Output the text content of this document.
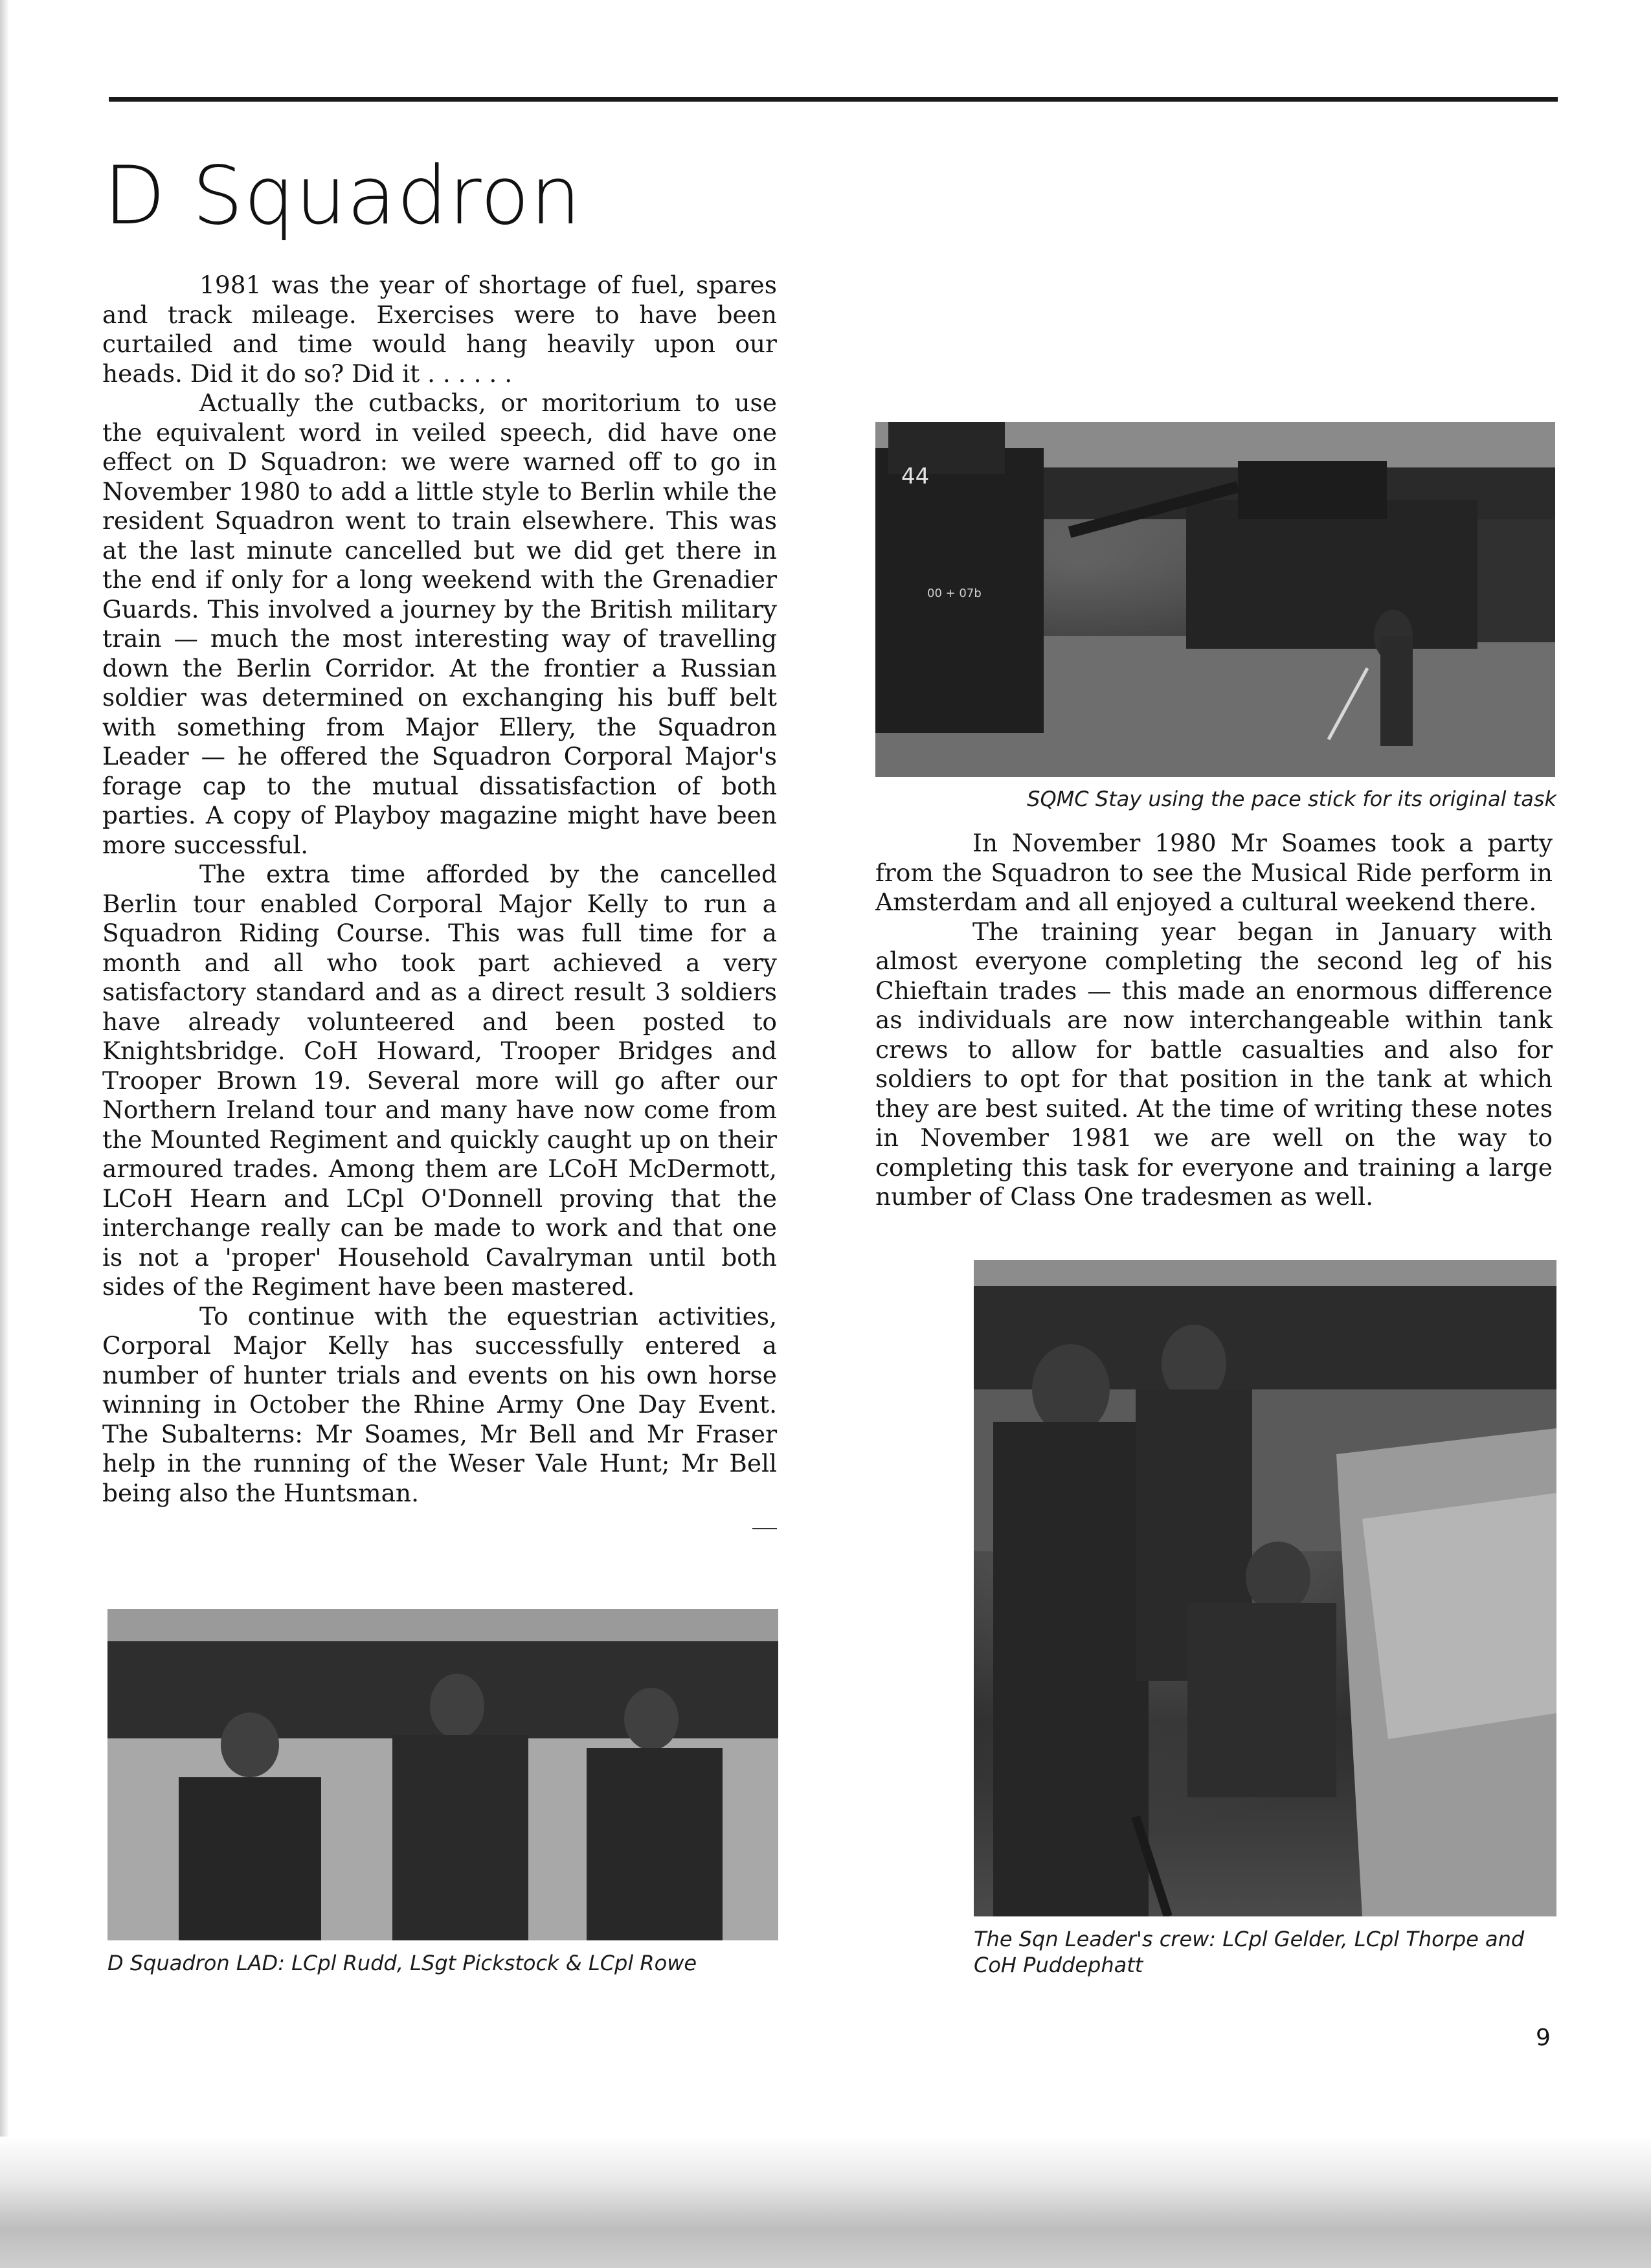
D Squadron

1981 was the year of shortage of fuel, spares and track mileage. Exercises were to have been curtailed and time would hang heavily upon our heads. Did it do so? Did it . . . . . .

Actually the cutbacks, or moritorium to use the equivalent word in veiled speech, did have one effect on D Squadron: we were warned off to go in November 1980 to add a little style to Berlin while the resident Squadron went to train elsewhere. This was at the last minute cancelled but we did get there in the end if only for a long weekend with the Grenadier Guards. This involved a journey by the British military train — much the most interesting way of travelling down the Berlin Corridor. At the frontier a Russian soldier was determined on exchanging his buff belt with something from Major Ellery, the Squadron Leader — he offered the Squadron Corporal Major's forage cap to the mutual dissatisfaction of both parties. A copy of Playboy magazine might have been more successful.

The extra time afforded by the cancelled Berlin tour enabled Corporal Major Kelly to run a Squadron Riding Course. This was full time for a month and all who took part achieved a very satisfactory standard and as a direct result 3 soldiers have already volunteered and been posted to Knightsbridge. CoH Howard, Trooper Bridges and Trooper Brown 19. Several more will go after our Northern Ireland tour and many have now come from the Mounted Regiment and quickly caught up on their armoured trades. Among them are LCoH McDermott, LCoH Hearn and LCpl O'Donnell proving that the interchange really can be made to work and that one is not a 'proper' Household Cavalryman until both sides of the Regiment have been mastered.

To continue with the equestrian activities, Corporal Major Kelly has successfully entered a number of hunter trials and events on his own horse winning in October the Rhine Army One Day Event. The Subalterns: Mr Soames, Mr Bell and Mr Fraser help in the running of the Weser Vale Hunt; Mr Bell being also the Huntsman.

44
00 + 07b
SQMC Stay using the pace stick for its original task

In November 1980 Mr Soames took a party from the Squadron to see the Musical Ride perform in Amsterdam and all enjoyed a cultural weekend there.

The training year began in January with almost everyone completing the second leg of his Chieftain trades — this made an enormous difference as individuals are now interchangeable within tank crews to allow for battle casualties and also for soldiers to opt for that position in the tank at which they are best suited. At the time of writing these notes in November 1981 we are well on the way to completing this task for everyone and training a large number of Class One tradesmen as well.

The Sqn Leader's crew: LCpl Gelder, LCpl Thorpe and CoH Puddephatt
D Squadron LAD: LCpl Rudd, LSgt Pickstock & LCpl Rowe
9
